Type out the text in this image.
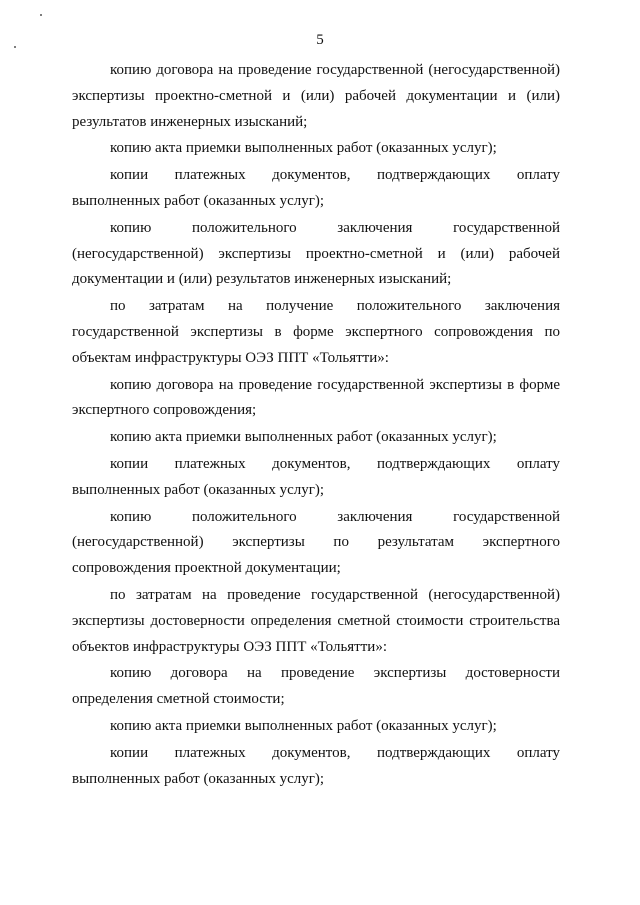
5

копию договора на проведение государственной (негосударственной) экспертизы проектно-сметной и (или) рабочей документации и (или) результатов инженерных изысканий;

копию акта приемки выполненных работ (оказанных услуг);

копии платежных документов, подтверждающих оплату выполненных работ (оказанных услуг);

копию положительного заключения государственной (негосударственной) экспертизы проектно-сметной и (или) рабочей документации и (или) результатов инженерных изысканий;

по затратам на получение положительного заключения государственной экспертизы в форме экспертного сопровождения по объектам инфраструктуры ОЭЗ ППТ «Тольятти»:

копию договора на проведение государственной экспертизы в форме экспертного сопровождения;

копию акта приемки выполненных работ (оказанных услуг);

копии платежных документов, подтверждающих оплату выполненных работ (оказанных услуг);

копию положительного заключения государственной (негосударственной) экспертизы по результатам экспертного сопровождения проектной документации;

по затратам на проведение государственной (негосударственной) экспертизы достоверности определения сметной стоимости строительства объектов инфраструктуры ОЭЗ ППТ «Тольятти»:

копию договора на проведение экспертизы достоверности определения сметной стоимости;

копию акта приемки выполненных работ (оказанных услуг);

копии платежных документов, подтверждающих оплату выполненных работ (оказанных услуг);
